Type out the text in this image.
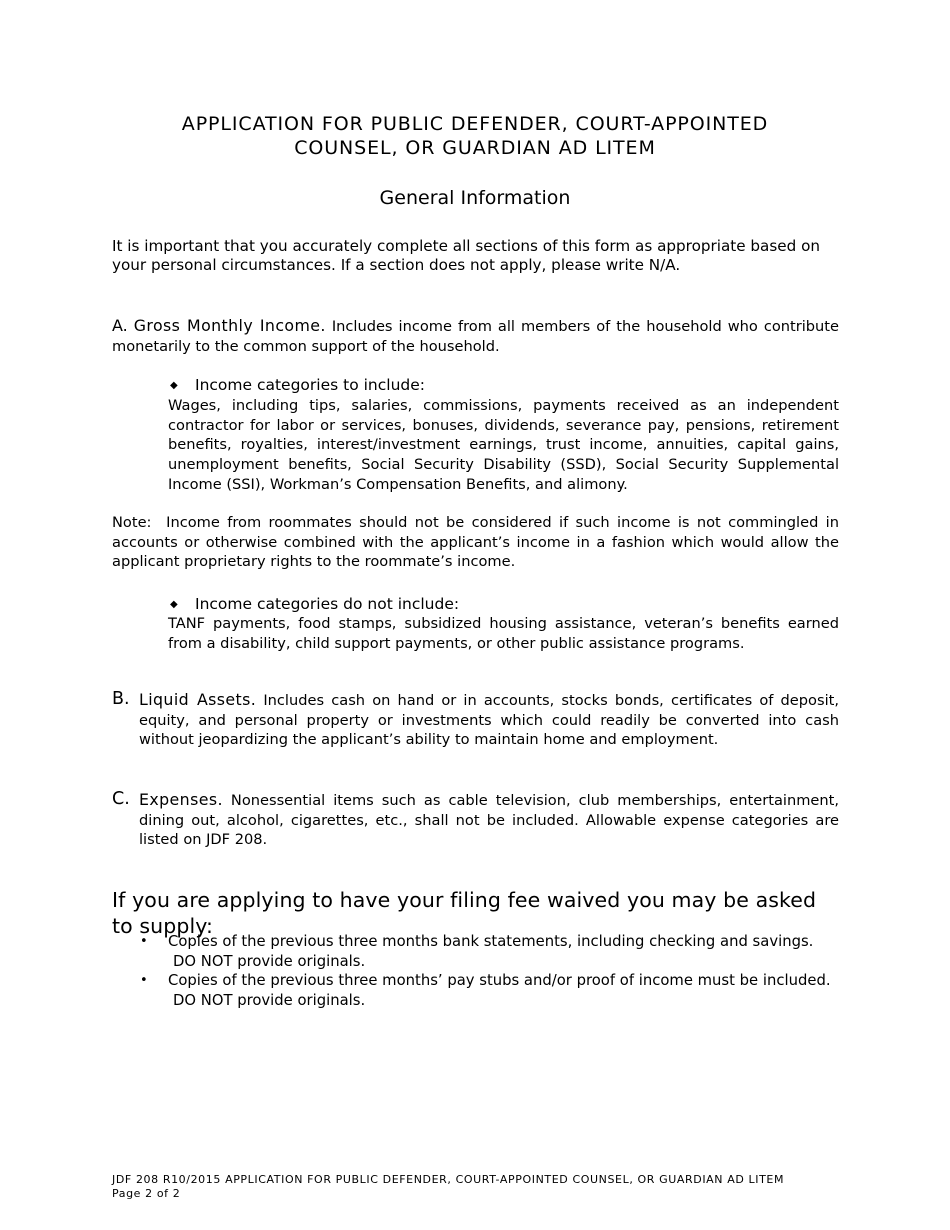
APPLICATION FOR PUBLIC DEFENDER, COURT-APPOINTED
COUNSEL, OR GUARDIAN AD LITEM
General Information
It is important that you accurately complete all sections of this form as appropriate based on your personal circumstances. If a section does not apply, please write N/A.
A. Gross Monthly Income. Includes income from all members of the household who contribute monetarily to the common support of the household.
◆ Income categories to include:
Wages, including tips, salaries, commissions, payments received as an independent contractor for labor or services, bonuses, dividends, severance pay, pensions, retirement benefits, royalties, interest/investment earnings, trust income, annuities, capital gains, unemployment benefits, Social Security Disability (SSD), Social Security Supplemental Income (SSI), Workman’s Compensation Benefits, and alimony.
Note: Income from roommates should not be considered if such income is not commingled in accounts or otherwise combined with the applicant’s income in a fashion which would allow the applicant proprietary rights to the roommate’s income.
◆ Income categories do not include:
TANF payments, food stamps, subsidized housing assistance, veteran’s benefits earned from a disability, child support payments, or other public assistance programs.
B. Liquid Assets. Includes cash on hand or in accounts, stocks bonds, certificates of deposit, equity, and personal property or investments which could readily be converted into cash without jeopardizing the applicant’s ability to maintain home and employment.
C. Expenses. Nonessential items such as cable television, club memberships, entertainment, dining out, alcohol, cigarettes, etc., shall not be included. Allowable expense categories are listed on JDF 208.
If you are applying to have your filing fee waived you may be asked to supply:
• Copies of the previous three months bank statements, including checking and savings.
DO NOT provide originals.
• Copies of the previous three months’ pay stubs and/or proof of income must be included.
DO NOT provide originals.
JDF 208 R10/2015 APPLICATION FOR PUBLIC DEFENDER, COURT-APPOINTED COUNSEL, OR GUARDIAN AD LITEM
Page 2 of 2
